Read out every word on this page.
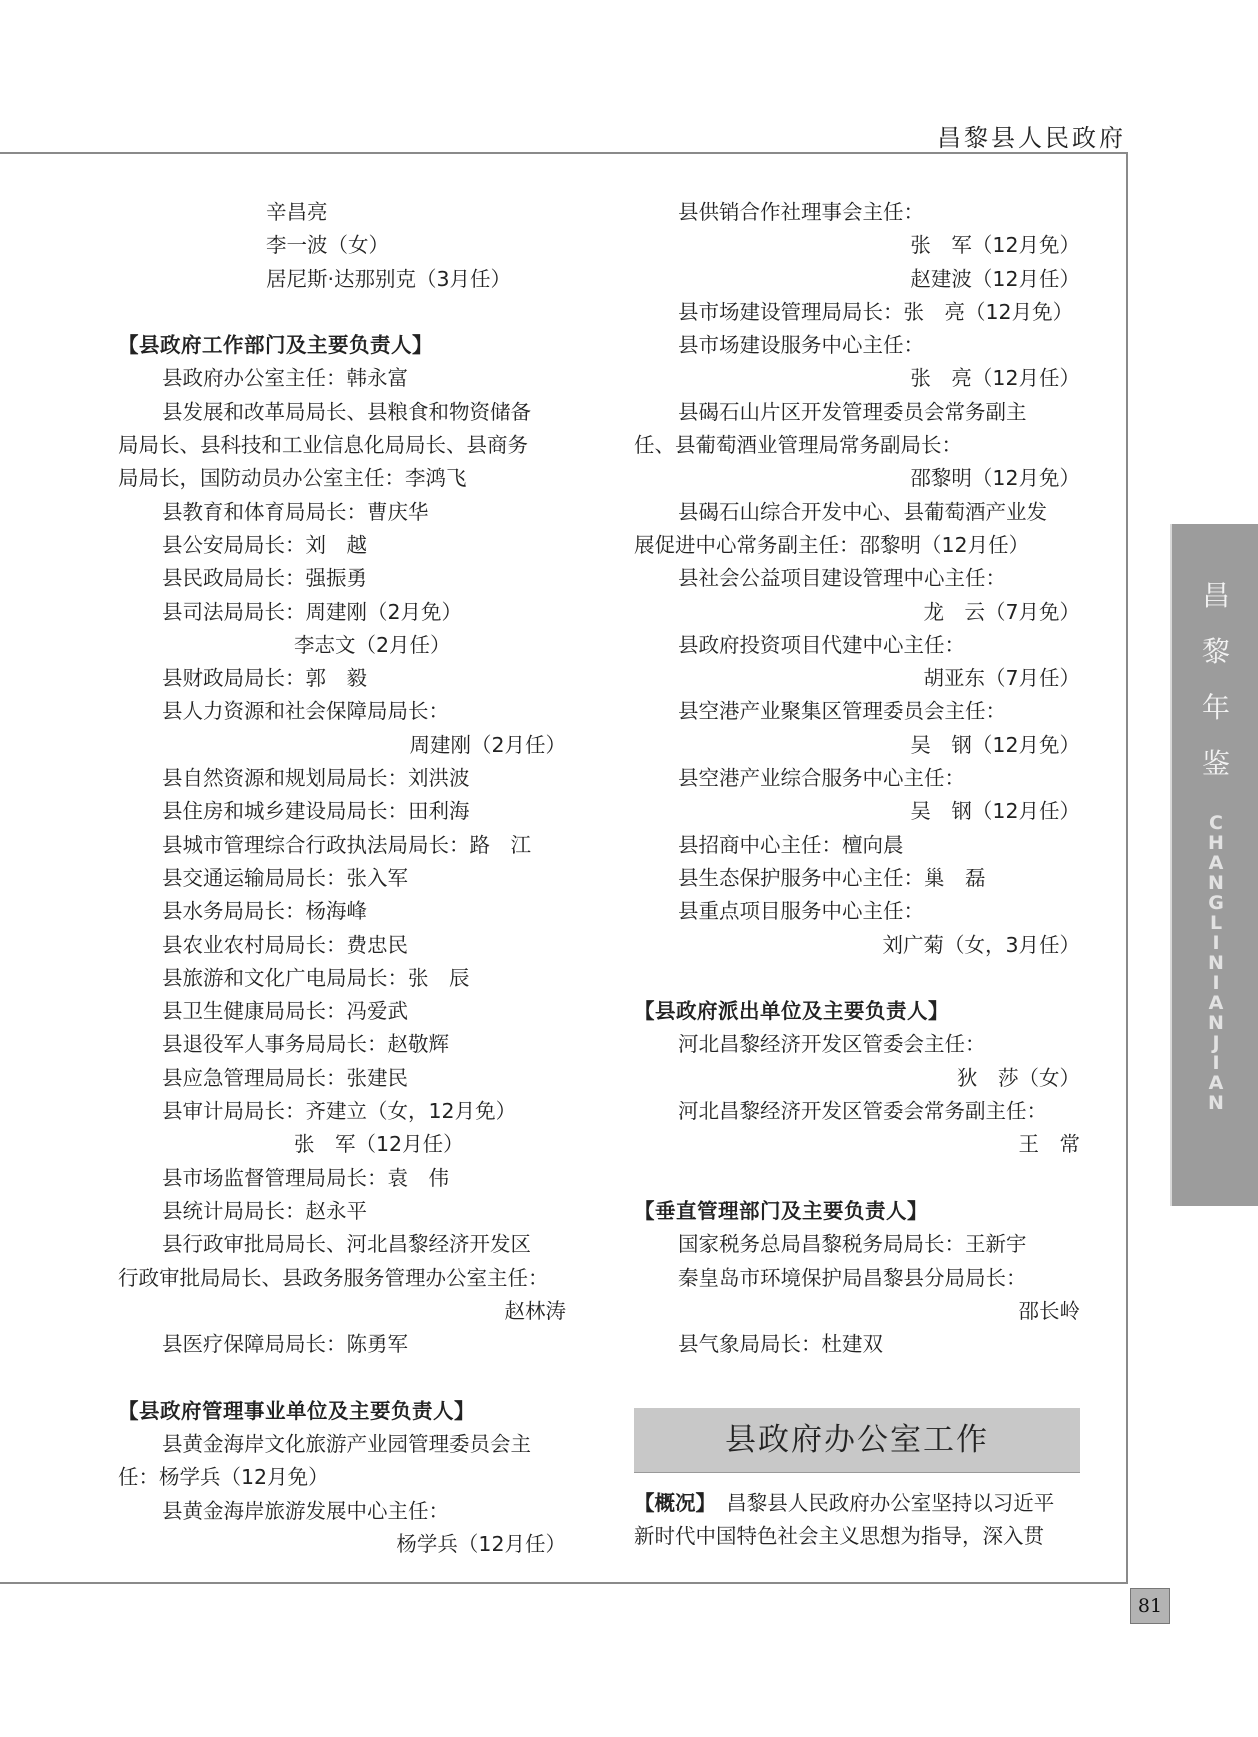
昌黎县人民政府
昌
黎
年
鉴
C
H
A
N
G
L
I
N
I
A
N
J
I
A
N
辛昌亮
李一波（女）
居尼斯·达那别克（3月任）
【县政府工作部门及主要负责人】
县政府办公室主任：韩永富
县发展和改革局局长、县粮食和物资储备
局局长、县科技和工业信息化局局长、县商务
局局长，国防动员办公室主任：李鸿飞
县教育和体育局局长：曹庆华
县公安局局长：刘　越
县民政局局长：强振勇
县司法局局长：周建刚（2月免）
李志文（2月任）
县财政局局长：郭　毅
县人力资源和社会保障局局长：
周建刚（2月任）
县自然资源和规划局局长：刘洪波
县住房和城乡建设局局长：田利海
县城市管理综合行政执法局局长：路　江
县交通运输局局长：张入军
县水务局局长：杨海峰
县农业农村局局长：费忠民
县旅游和文化广电局局长：张　辰
县卫生健康局局长：冯爱武
县退役军人事务局局长：赵敬辉
县应急管理局局长：张建民
县审计局局长：齐建立（女，12月免）
张　军（12月任）
县市场监督管理局局长：袁　伟
县统计局局长：赵永平
县行政审批局局长、河北昌黎经济开发区
行政审批局局长、县政务服务管理办公室主任：
赵林涛
县医疗保障局局长：陈勇军
【县政府管理事业单位及主要负责人】
县黄金海岸文化旅游产业园管理委员会主
任：杨学兵（12月免）
县黄金海岸旅游发展中心主任：
杨学兵（12月任）
县供销合作社理事会主任：
张　军（12月免）
赵建波（12月任）
县市场建设管理局局长：张　亮（12月免）
县市场建设服务中心主任：
张　亮（12月任）
县碣石山片区开发管理委员会常务副主
任、县葡萄酒业管理局常务副局长：
邵黎明（12月免）
县碣石山综合开发中心、县葡萄酒产业发
展促进中心常务副主任：邵黎明（12月任）
县社会公益项目建设管理中心主任：
龙　云（7月免）
县政府投资项目代建中心主任：
胡亚东（7月任）
县空港产业聚集区管理委员会主任：
吴　钢（12月免）
县空港产业综合服务中心主任：
吴　钢（12月任）
县招商中心主任：檀向晨
县生态保护服务中心主任：巢　磊
县重点项目服务中心主任：
刘广菊（女，3月任）
【县政府派出单位及主要负责人】
河北昌黎经济开发区管委会主任：
狄　莎（女）
河北昌黎经济开发区管委会常务副主任：
王　常
【垂直管理部门及主要负责人】
国家税务总局昌黎税务局局长：王新宇
秦皇岛市环境保护局昌黎县分局局长：
邵长岭
县气象局局长：杜建双
县政府办公室工作
【概况】　昌黎县人民政府办公室坚持以习近平
新时代中国特色社会主义思想为指导，深入贯
81
